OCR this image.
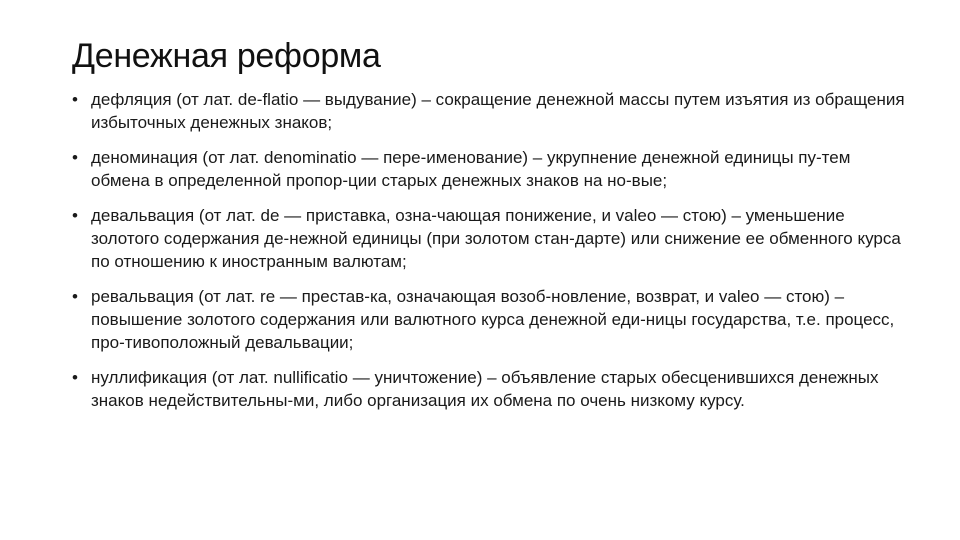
Денежная реформа
• дефляция (от лат. de-flatio — выдувание) – сокращение денежной массы путем изъятия из обращения избыточных денежных знаков;
• деноминация (от лат. denominatio — пере-именование) – укрупнение денежной единицы пу-тем обмена в определенной пропор-ции старых денежных знаков на но-вые;
• девальвация (от лат. de — приставка, озна-чающая понижение, и valeo — стою) – уменьшение золотого содержания де-нежной единицы (при золотом стан-дарте) или снижение ее обменного курса по отношению к иностранным валютам;
• ревальвация (от лат. re — престав-ка, означающая возоб-новление, возврат, и valeo — стою) – повышение золотого содержания или валютного курса денежной еди-ницы государства, т.е. процесс, про-тивоположный девальвации;
• нуллификация (от лат. nullificatio — уничтожение) – объявление старых обесценившихся денежных знаков недействительны-ми, либо организация их обмена по очень низкому курсу.
